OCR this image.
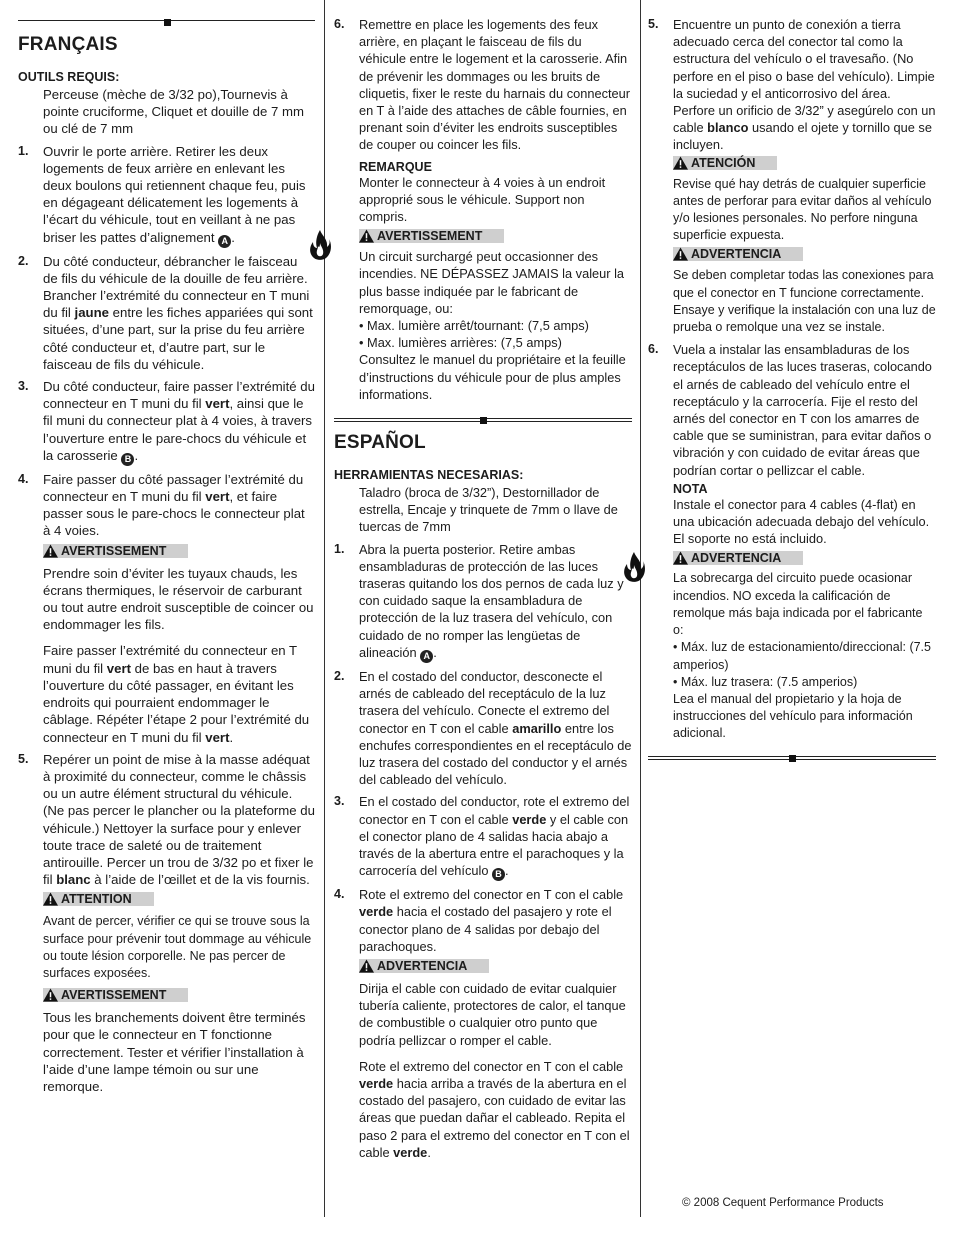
FRANÇAIS
OUTILS REQUIS:
Perceuse (mèche de 3/32 po),Tournevis à pointe cruciforme, Cliquet et douille de 7 mm ou clé de 7 mm
1.	Ouvrir le porte arrière. Retirer les deux logements de feux arrière en enlevant les deux boulons qui retiennent chaque feu, puis en dégageant délicatement les logements à l’écart du véhicule, tout en veillant à ne pas briser les pattes d’alignement A .
2.	Du côté conducteur, débrancher le faisceau de fils du véhicule de la douille de feu arrière. Brancher l’extrémité du connecteur en T muni du fil jaune entre les fiches appariées qui sont situées, d’une part, sur la prise du feu arrière côté conducteur et, d’autre part, sur le faisceau de fils du véhicule.
3.	Du côté conducteur, faire passer l’extrémité du connecteur en T muni du fil vert, ainsi que le fil muni du connecteur plat à 4 voies, à travers l’ouverture entre le pare-chocs du véhicule et la carosserie B .
4.	Faire passer du côté passager l’extrémité du connecteur en T muni du fil vert, et faire passer sous le pare-chocs le connecteur plat à 4 voies.
AVERTISSEMENT
Prendre soin d’éviter les tuyaux chauds, les écrans thermiques, le réservoir de carburant ou tout autre endroit susceptible de coincer ou endommager les fils.
Faire passer l’extrémité du connecteur en T muni du fil vert de bas en haut à travers l’ouverture du côté passager, en évitant les endroits qui pourraient endommager le câblage. Répéter l’étape 2 pour l’extrémité du connecteur en T muni du fil vert.
5.	Repérer un point de mise à la masse adéquat à proximité du connecteur, comme le châssis ou un autre élément structural du véhicule. (Ne pas percer le plancher ou la plateforme du véhicule.) Nettoyer la surface pour y enlever toute trace de saleté ou de traitement antirouille. Percer un trou de 3/32 po et fixer le fil blanc à l’aide de l’œillet et de la vis fournis.
ATTENTION
Avant de percer, vérifier ce qui se trouve sous la surface pour prévenir tout dommage au véhicule ou toute lésion corporelle. Ne pas percer de surfaces exposées.
AVERTISSEMENT
Tous les branchements doivent être terminés pour que le connecteur en T fonctionne correctement. Tester et vérifier l’installation à l’aide d’une lampe témoin ou sur une remorque.
6.	Remettre en place les logements des feux arrière, en plaçant le faisceau de fils du véhicule entre le logement et la carosserie. Afin de prévenir les dommages ou les bruits de cliquetis, fixer le reste du harnais du connecteur en T à l’aide des attaches de câble fournies, en prenant soin d’éviter les endroits susceptibles de couper ou coincer les fils.
REMARQUE
Monter le connecteur à 4 voies à un endroit approprié sous le véhicule. Support non compris.
AVERTISSEMENT
Un circuit surchargé peut occasionner des incendies. NE DÉPASSEZ JAMAIS la valeur la plus basse indiquée par le fabricant de remorquage, ou:
• Max. lumière arrêt/tournant: (7,5 amps)
• Max. lumières arrières: (7,5 amps)
Consultez le manuel du propriétaire et la feuille d’instructions du véhicule pour de plus amples informations.
ESPAÑOL
HERRAMIENTAS NECESARIAS:
Taladro (broca de 3/32”), Destornillador de estrella, Encaje y trinquete de 7mm o llave de tuercas de 7mm
1.	Abra la puerta posterior. Retire ambas ensambladuras de protección de las luces traseras quitando los dos pernos de cada luz y con cuidado saque la ensambladura de protección de la luz trasera del vehículo, con cuidado de no romper las lengüetas de alineación A .
2.	En el costado del conductor, desconecte el arnés de cableado del receptáculo de la luz trasera del vehículo. Conecte el extremo del conector en T con el cable amarillo entre los enchufes correspondientes en el receptáculo de luz trasera del costado del conductor y el arnés del cableado del vehículo.
3.	En el costado del conductor, rote el extremo del conector en T con el cable verde y el cable con el conector plano de 4 salidas hacia abajo a través de la abertura entre el parachoques y la carrocería del vehículo B .
4.	Rote el extremo del conector en T con el cable verde hacia el costado del pasajero y rote el conector plano de 4 salidas por debajo del parachoques.
ADVERTENCIA
Dirija el cable con cuidado de evitar cualquier tubería caliente, protectores de calor, el tanque de combustible o cualquier otro punto que podría pellizcar o romper el cable.
Rote el extremo del conector en T con el cable verde hacia arriba a través de la abertura en el costado del pasajero, con cuidado de evitar las áreas que puedan dañar el cableado. Repita el paso 2 para el extremo del conector en T con el cable verde.
5.	Encuentre un punto de conexión a tierra adecuado cerca del conector tal como la estructura del vehículo o el travesaño. (No perfore en el piso o base del vehículo). Limpie la suciedad y el anticorrosivo del área. Perfore un orificio de 3/32” y asegúrelo con un cable blanco usando el ojete y tornillo que se incluyen.
ATENCIÓN
Revise qué hay detrás de cualquier superficie antes de perforar para evitar daños al vehículo y/o lesiones personales. No perfore ninguna superficie expuesta.
ADVERTENCIA
Se deben completar todas las conexiones para que el conector en T funcione correctamente. Ensaye y verifique la instalación con una luz de prueba o remolque una vez se instale.
6.	Vuela a instalar las ensambladuras de los receptáculos de las luces traseras, colocando el arnés de cableado del vehículo entre el receptáculo y la carrocería. Fije el resto del arnés del conector en T con los amarres de cable que se suministran, para evitar daños o vibración y con cuidado de evitar áreas que podrían cortar o pellizcar el cable.
NOTA
Instale el conector para 4 cables (4-flat) en una ubicación adecuada debajo del vehículo. El soporte no está incluido.
ADVERTENCIA
La sobrecarga del circuito puede ocasionar incendios. NO exceda la calificación de remolque más baja indicada por el fabricante o:
• Máx. luz de estacionamiento/direccional: (7.5 amperios)
• Máx. luz trasera: (7.5 amperios)
Lea el manual del propietario y la hoja de instrucciones del vehículo para información adicional.
© 2008 Cequent Performance Products
